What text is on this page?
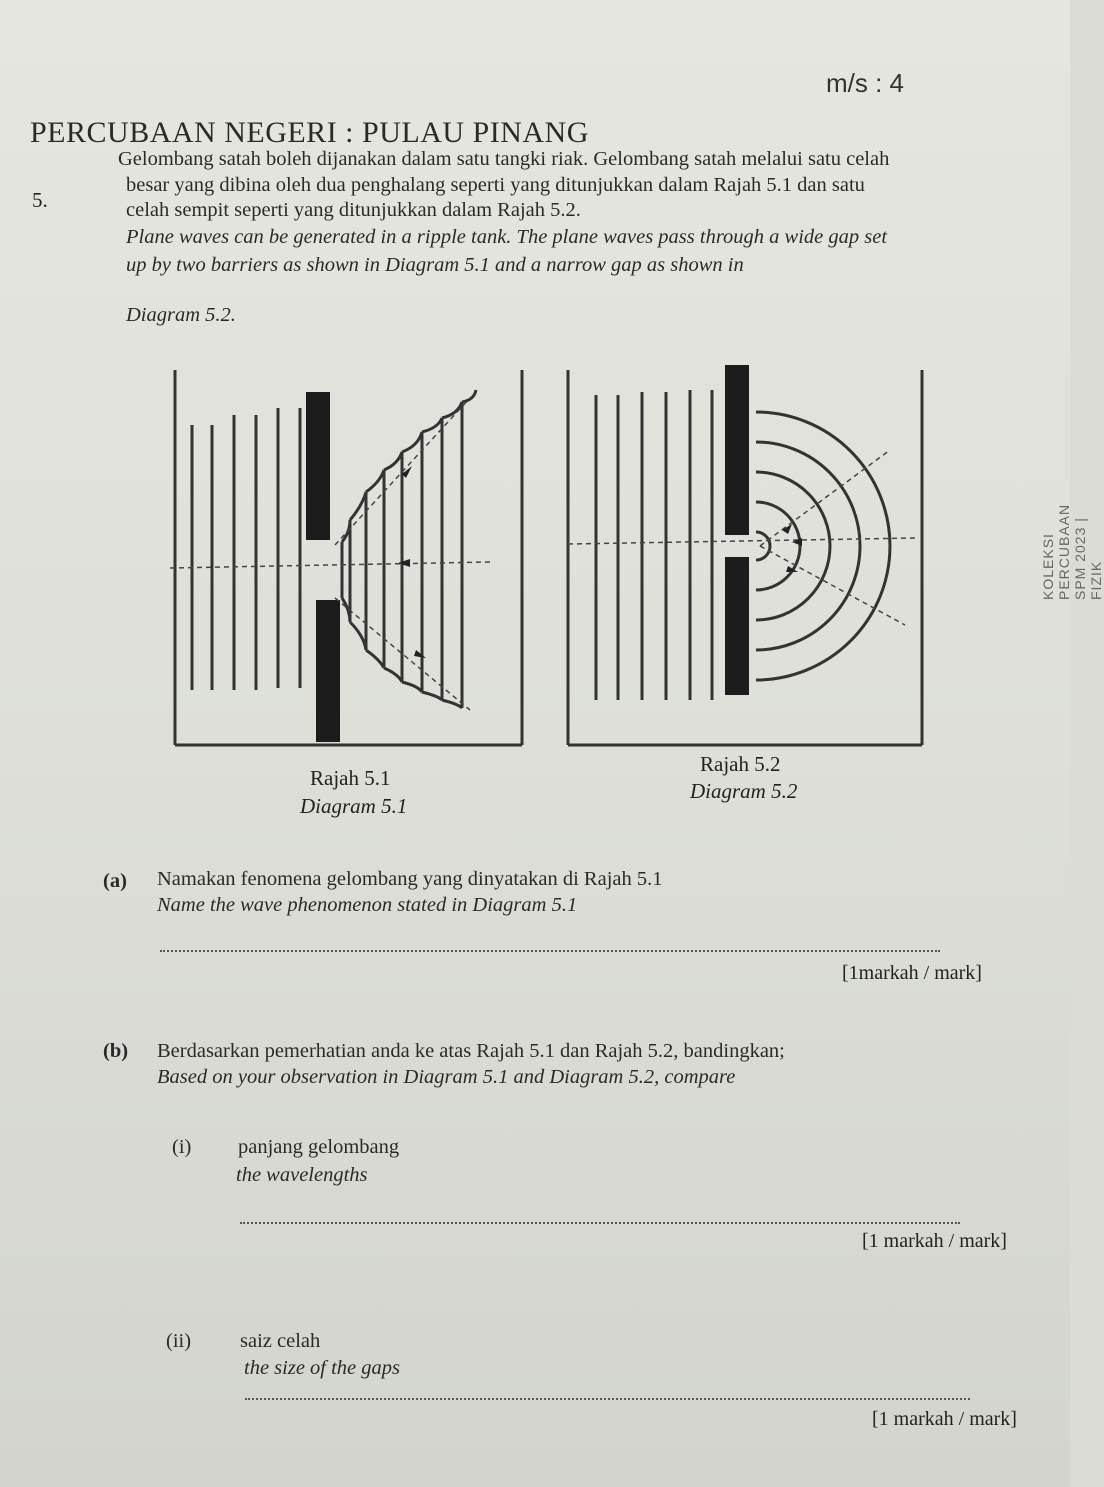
m/s : 4
PERCUBAAN NEGERI : PULAU PINANG
KOLEKSI PERCUBAAN SPM 2023 | FIZIK
5.
Gelombang satah boleh dijanakan dalam satu tangki riak. Gelombang satah melalui satu celah
besar yang dibina oleh dua penghalang seperti yang ditunjukkan dalam Rajah 5.1 dan satu
celah sempit seperti yang ditunjukkan dalam Rajah 5.2.
Plane waves can be generated in a ripple tank. The plane waves pass through a wide gap set
up by two barriers as shown in Diagram 5.1 and a narrow gap as shown in
Diagram 5.2.
Rajah 5.1
Diagram 5.1
Rajah 5.2
Diagram 5.2
(a) Namakan fenomena gelombang yang dinyatakan di Rajah 5.1
Name the wave phenomenon stated in Diagram 5.1
[1markah / mark]
(b) Berdasarkan pemerhatian anda ke atas Rajah 5.1 dan Rajah 5.2, bandingkan;
Based on your observation in Diagram 5.1 and Diagram 5.2, compare
(i) panjang gelombang
the wavelengths
[1 markah / mark]
(ii) saiz celah
the size of the gaps
[1 markah / mark]
